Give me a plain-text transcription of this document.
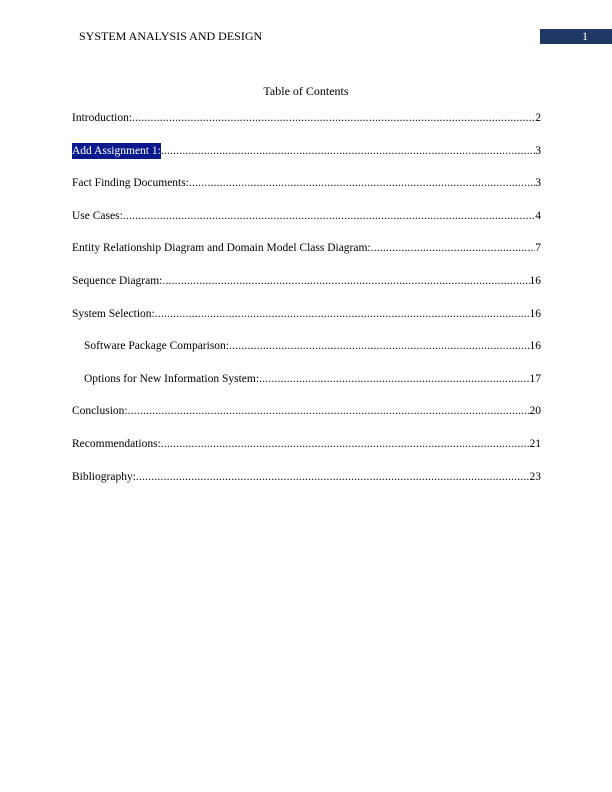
SYSTEM ANALYSIS AND DESIGN	1
Table of Contents
Introduction: .....	2
Add Assignment 1: .....	3
Fact Finding Documents: .....	3
Use Cases: .....	4
Entity Relationship Diagram and Domain Model Class Diagram: .....	7
Sequence Diagram: .....	16
System Selection: .....	16
Software Package Comparison: .....	16
Options for New Information System: .....	17
Conclusion: .....	20
Recommendations: .....	21
Bibliography: .....	23
